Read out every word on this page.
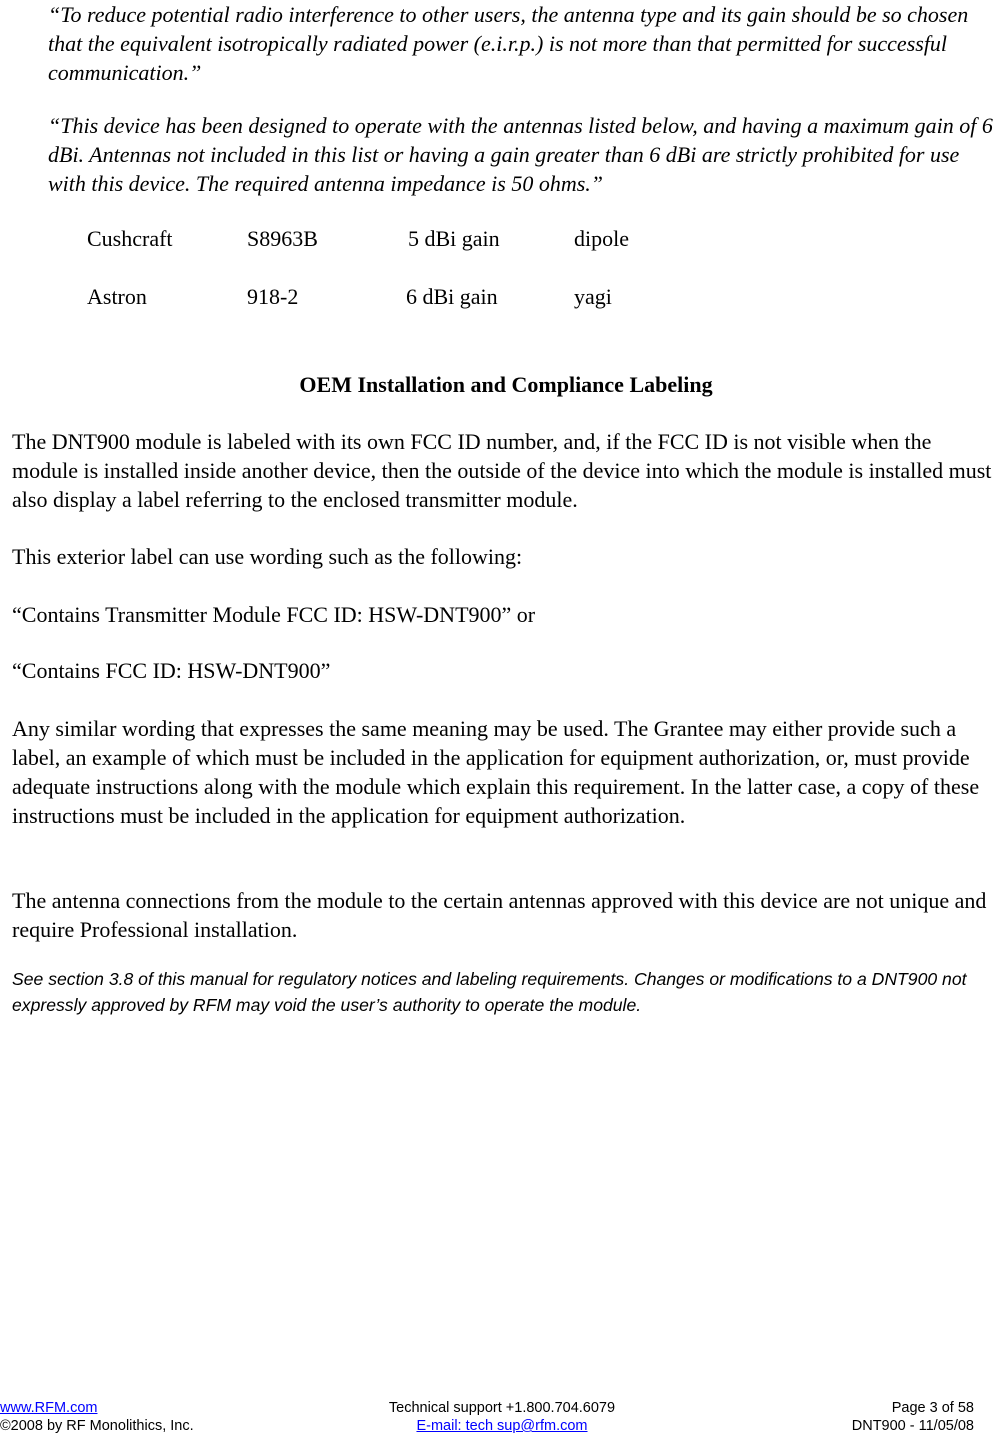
“To reduce potential radio interference to other users, the antenna type and its gain should be so chosen that the equivalent isotropically radiated power (e.i.r.p.) is not more than that permitted for successful communication.”
“This device has been designed to operate with the antennas listed below, and having a maximum gain of 6 dBi. Antennas not included in this list or having a gain greater than 6 dBi are strictly prohibited for use with this device. The required antenna impedance is 50 ohms.”
Cushcraft	S8963B	5 dBi gain	dipole
Astron	918-2	6 dBi gain	yagi
OEM Installation and Compliance Labeling
The DNT900 module is labeled with its own FCC ID number, and, if the FCC ID is not visible when the module is installed inside another device, then the outside of the device into which the module is installed must also display a label referring to the enclosed transmitter module.
This exterior label can use wording such as the following:
“Contains Transmitter Module FCC ID: HSW-DNT900” or
“Contains FCC ID: HSW-DNT900”
Any similar wording that expresses the same meaning may be used. The Grantee may either provide such a label, an example of which must be included in the application for equipment authorization, or, must provide adequate instructions along with the module which explain this requirement. In the latter case, a copy of these instructions must be included in the application for equipment authorization.
The antenna connections from the module to the certain antennas approved with this device are not unique and require Professional installation.
See section 3.8 of this manual for regulatory notices and labeling requirements. Changes or modifications to a DNT900 not expressly approved by RFM may void the user’s authority to operate the module.
www.RFM.com
©2008 by RF Monolithics, Inc.
Technical support +1.800.704.6079
E-mail: tech sup@rfm.com
Page 3 of 58
DNT900 - 11/05/08
